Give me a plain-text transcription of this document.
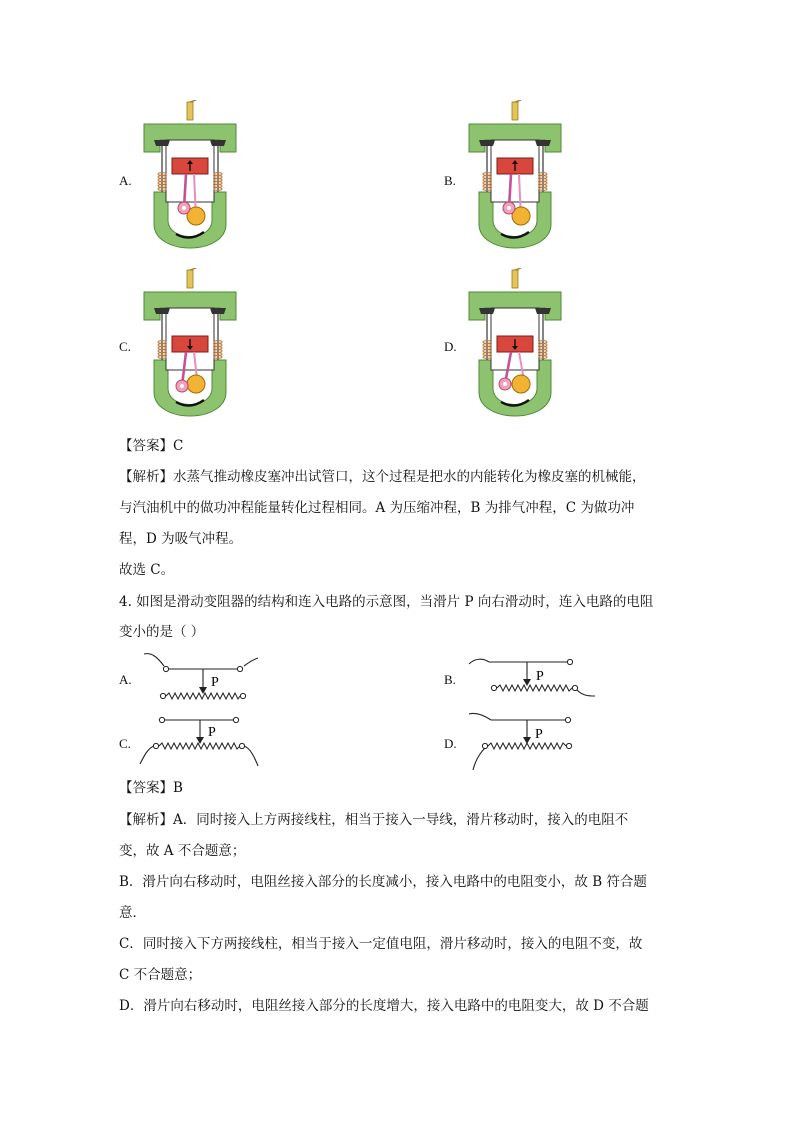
A.	B.
C.	D.
【答案】C
【解析】水蒸气推动橡皮塞冲出试管口，这个过程是把水的内能转化为橡皮塞的机械能，
与汽油机中的做功冲程能量转化过程相同。A 为压缩冲程，B 为排气冲程，C 为做功冲
程，D 为吸气冲程。
故选 C。
4. 如图是滑动变阻器的结构和连入电路的示意图，当滑片 P 向右滑动时，连入电路的电阻
变小的是（ ）
A.	B.
C.	D.
P	P
P	P
【答案】B
【解析】A．同时接入上方两接线柱，相当于接入一导线，滑片移动时，接入的电阻不
变，故 A 不合题意；
B．滑片向右移动时，电阻丝接入部分的长度减小，接入电路中的电阻变小，故 B 符合题
意．
C．同时接入下方两接线柱，相当于接入一定值电阻，滑片移动时，接入的电阻不变，故
C 不合题意；
D．滑片向右移动时，电阻丝接入部分的长度增大，接入电路中的电阻变大，故 D 不合题
